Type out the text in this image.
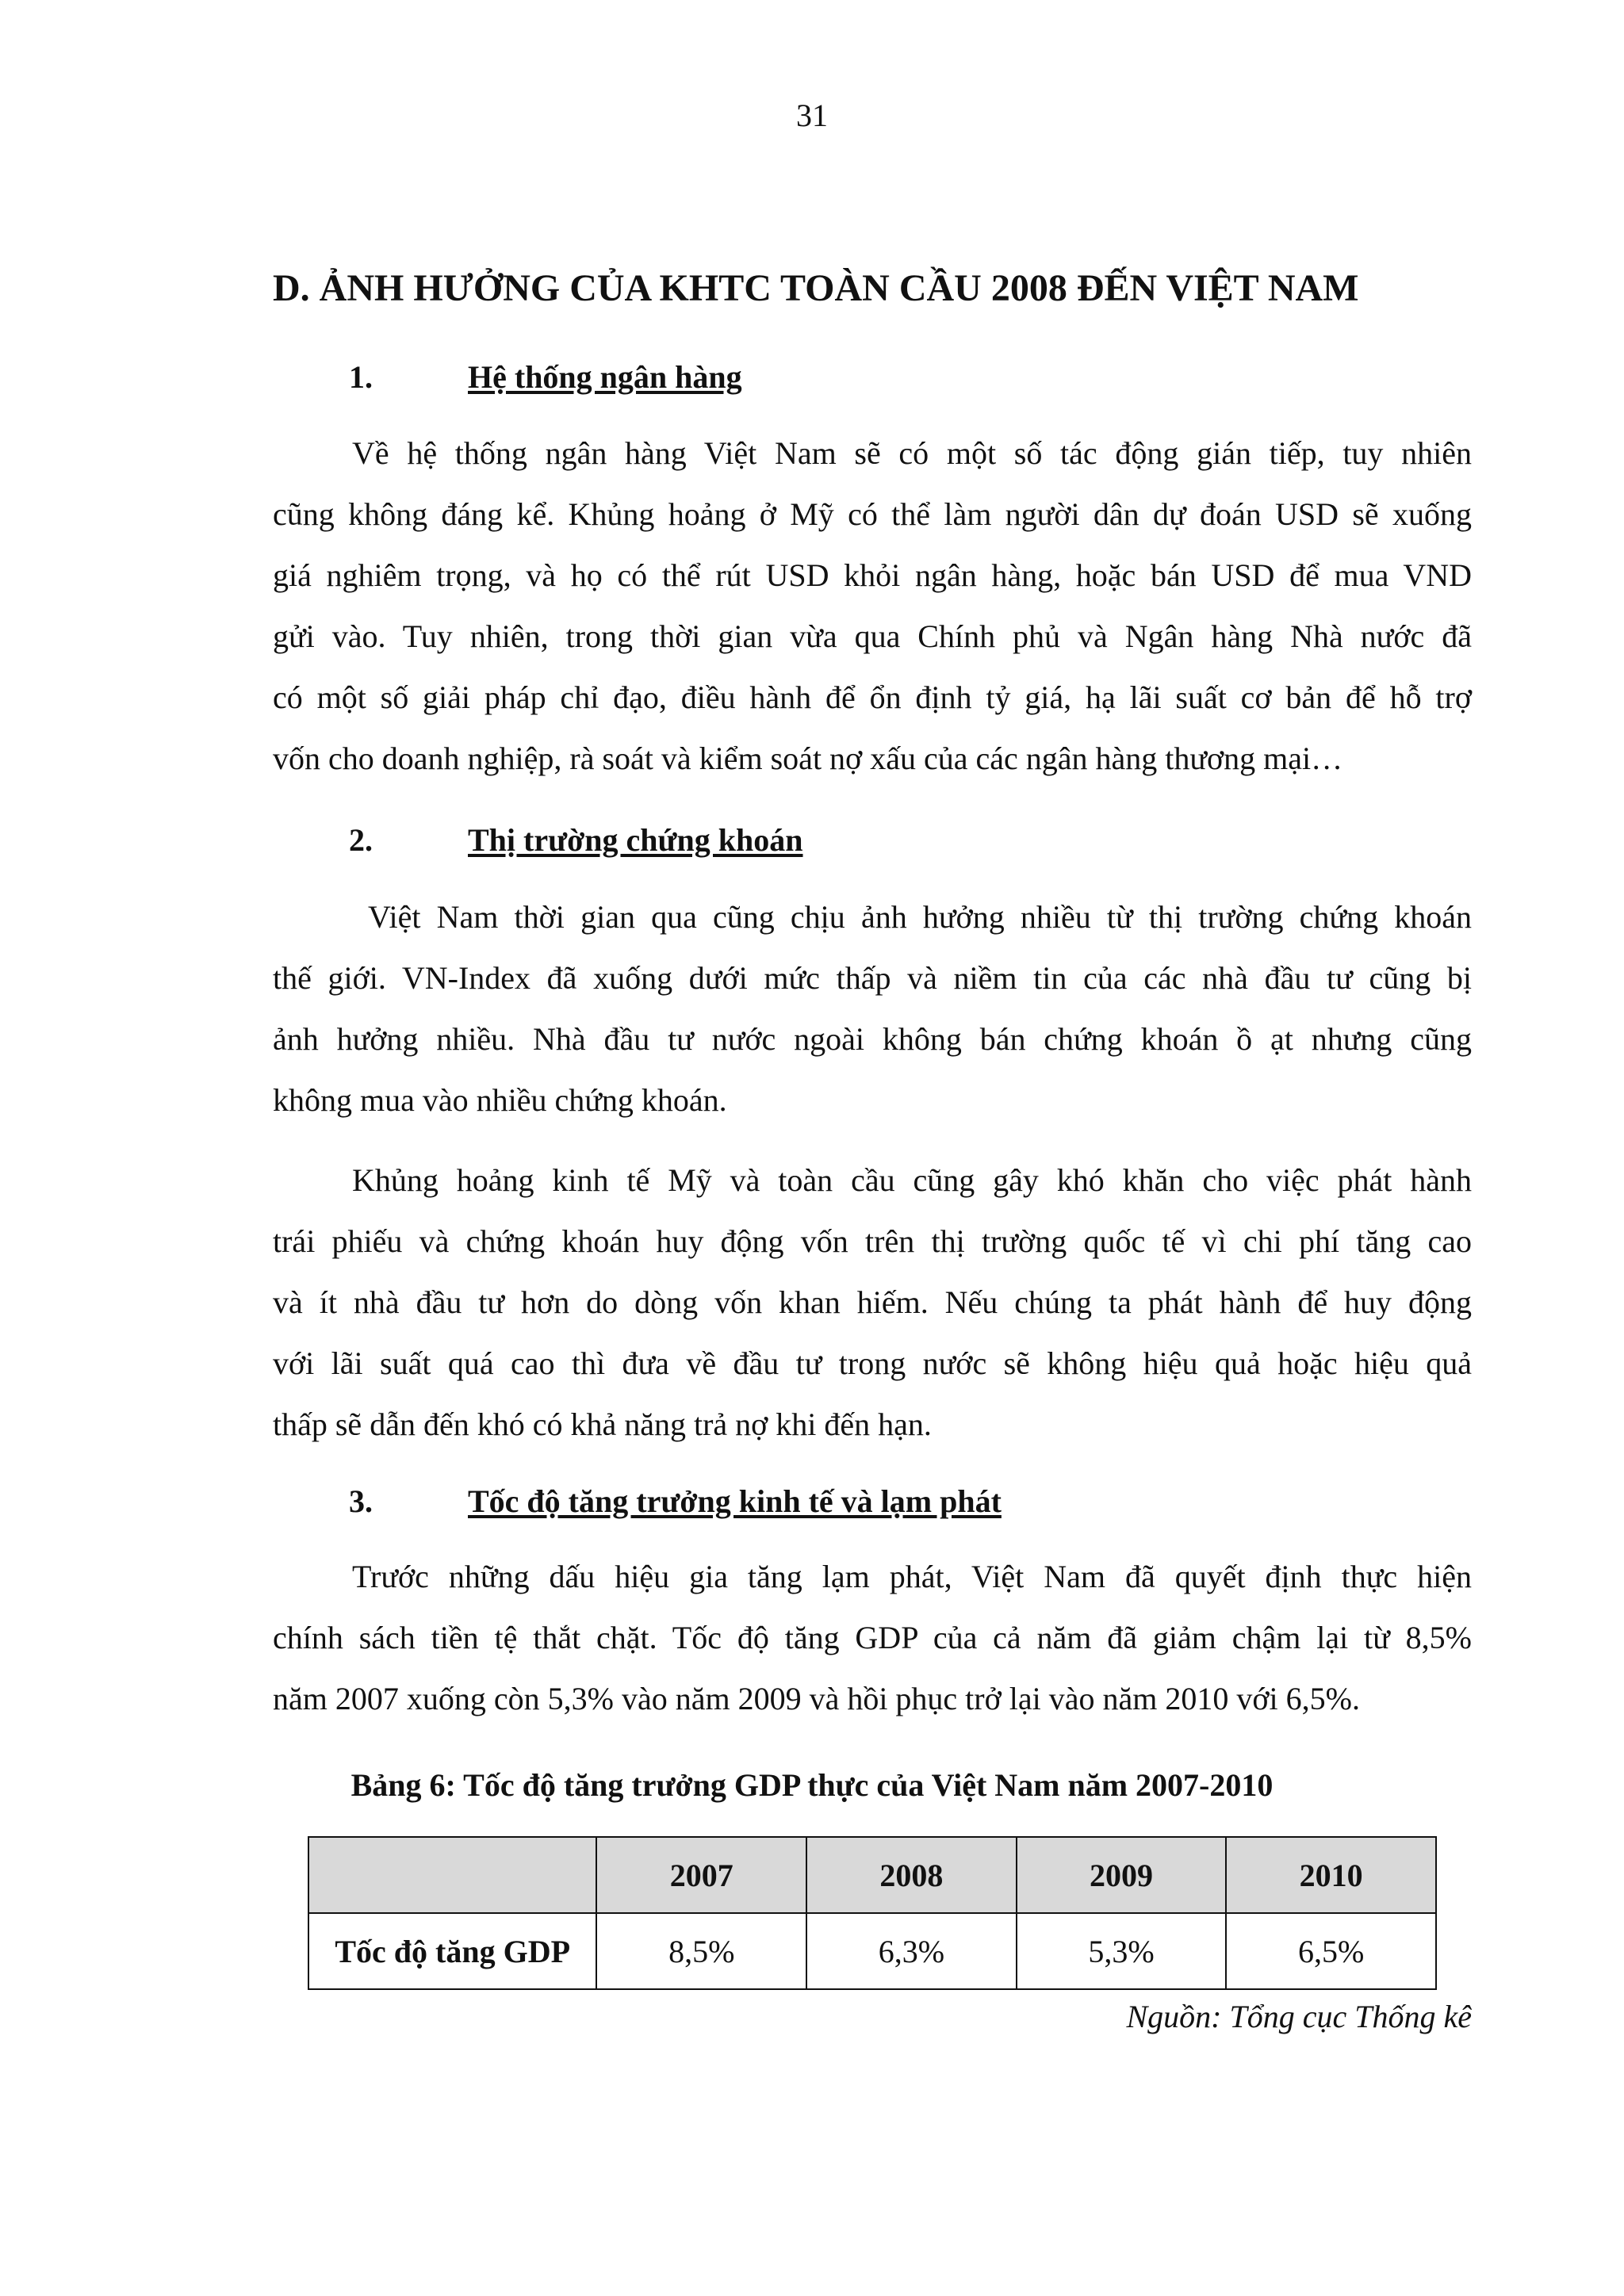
31
D. ẢNH HƯỞNG CỦA KHTC TOÀN CẦU 2008 ĐẾN VIỆT NAM
1.	Hệ thống ngân hàng
Về hệ thống ngân hàng Việt Nam sẽ có một số tác động gián tiếp, tuy nhiên
cũng không đáng kể. Khủng hoảng ở Mỹ có thể làm người dân dự đoán USD sẽ xuống
giá nghiêm trọng, và họ có thể rút USD khỏi ngân hàng, hoặc bán USD để mua VND
gửi vào. Tuy nhiên, trong thời gian vừa qua Chính phủ và Ngân hàng Nhà nước đã
có một số giải pháp chỉ đạo, điều hành để ổn định tỷ giá, hạ lãi suất cơ bản để hỗ trợ
vốn cho doanh nghiệp, rà soát và kiểm soát nợ xấu của các ngân hàng thương mại…
2.	Thị trường chứng khoán
Việt Nam thời gian qua cũng chịu ảnh hưởng nhiều từ thị trường chứng khoán
thế giới. VN-Index đã xuống dưới mức thấp và niềm tin của các nhà đầu tư cũng bị
ảnh hưởng nhiều. Nhà đầu tư nước ngoài không bán chứng khoán ồ ạt nhưng cũng
không mua vào nhiều chứng khoán.
Khủng hoảng kinh tế Mỹ và toàn cầu cũng gây khó khăn cho việc phát hành
trái phiếu và chứng khoán huy động vốn trên thị trường quốc tế vì chi phí tăng cao
và ít nhà đầu tư hơn do dòng vốn khan hiếm. Nếu chúng ta phát hành để huy động
với lãi suất quá cao thì đưa về đầu tư trong nước sẽ không hiệu quả hoặc hiệu quả
thấp sẽ dẫn đến khó có khả năng trả nợ khi đến hạn.
3.	Tốc độ tăng trưởng kinh tế và lạm phát
Trước những dấu hiệu gia tăng lạm phát, Việt Nam đã quyết định thực hiện
chính sách tiền tệ thắt chặt. Tốc độ tăng GDP của cả năm đã giảm chậm lại từ 8,5%
năm 2007 xuống còn 5,3% vào năm 2009 và hồi phục trở lại vào năm 2010 với 6,5%.
Bảng 6: Tốc độ tăng trưởng GDP thực của Việt Nam năm 2007-2010
	2007	2008	2009	2010
Tốc độ tăng GDP	8,5%	6,3%	5,3%	6,5%
Nguồn: Tổng cục Thống kê
